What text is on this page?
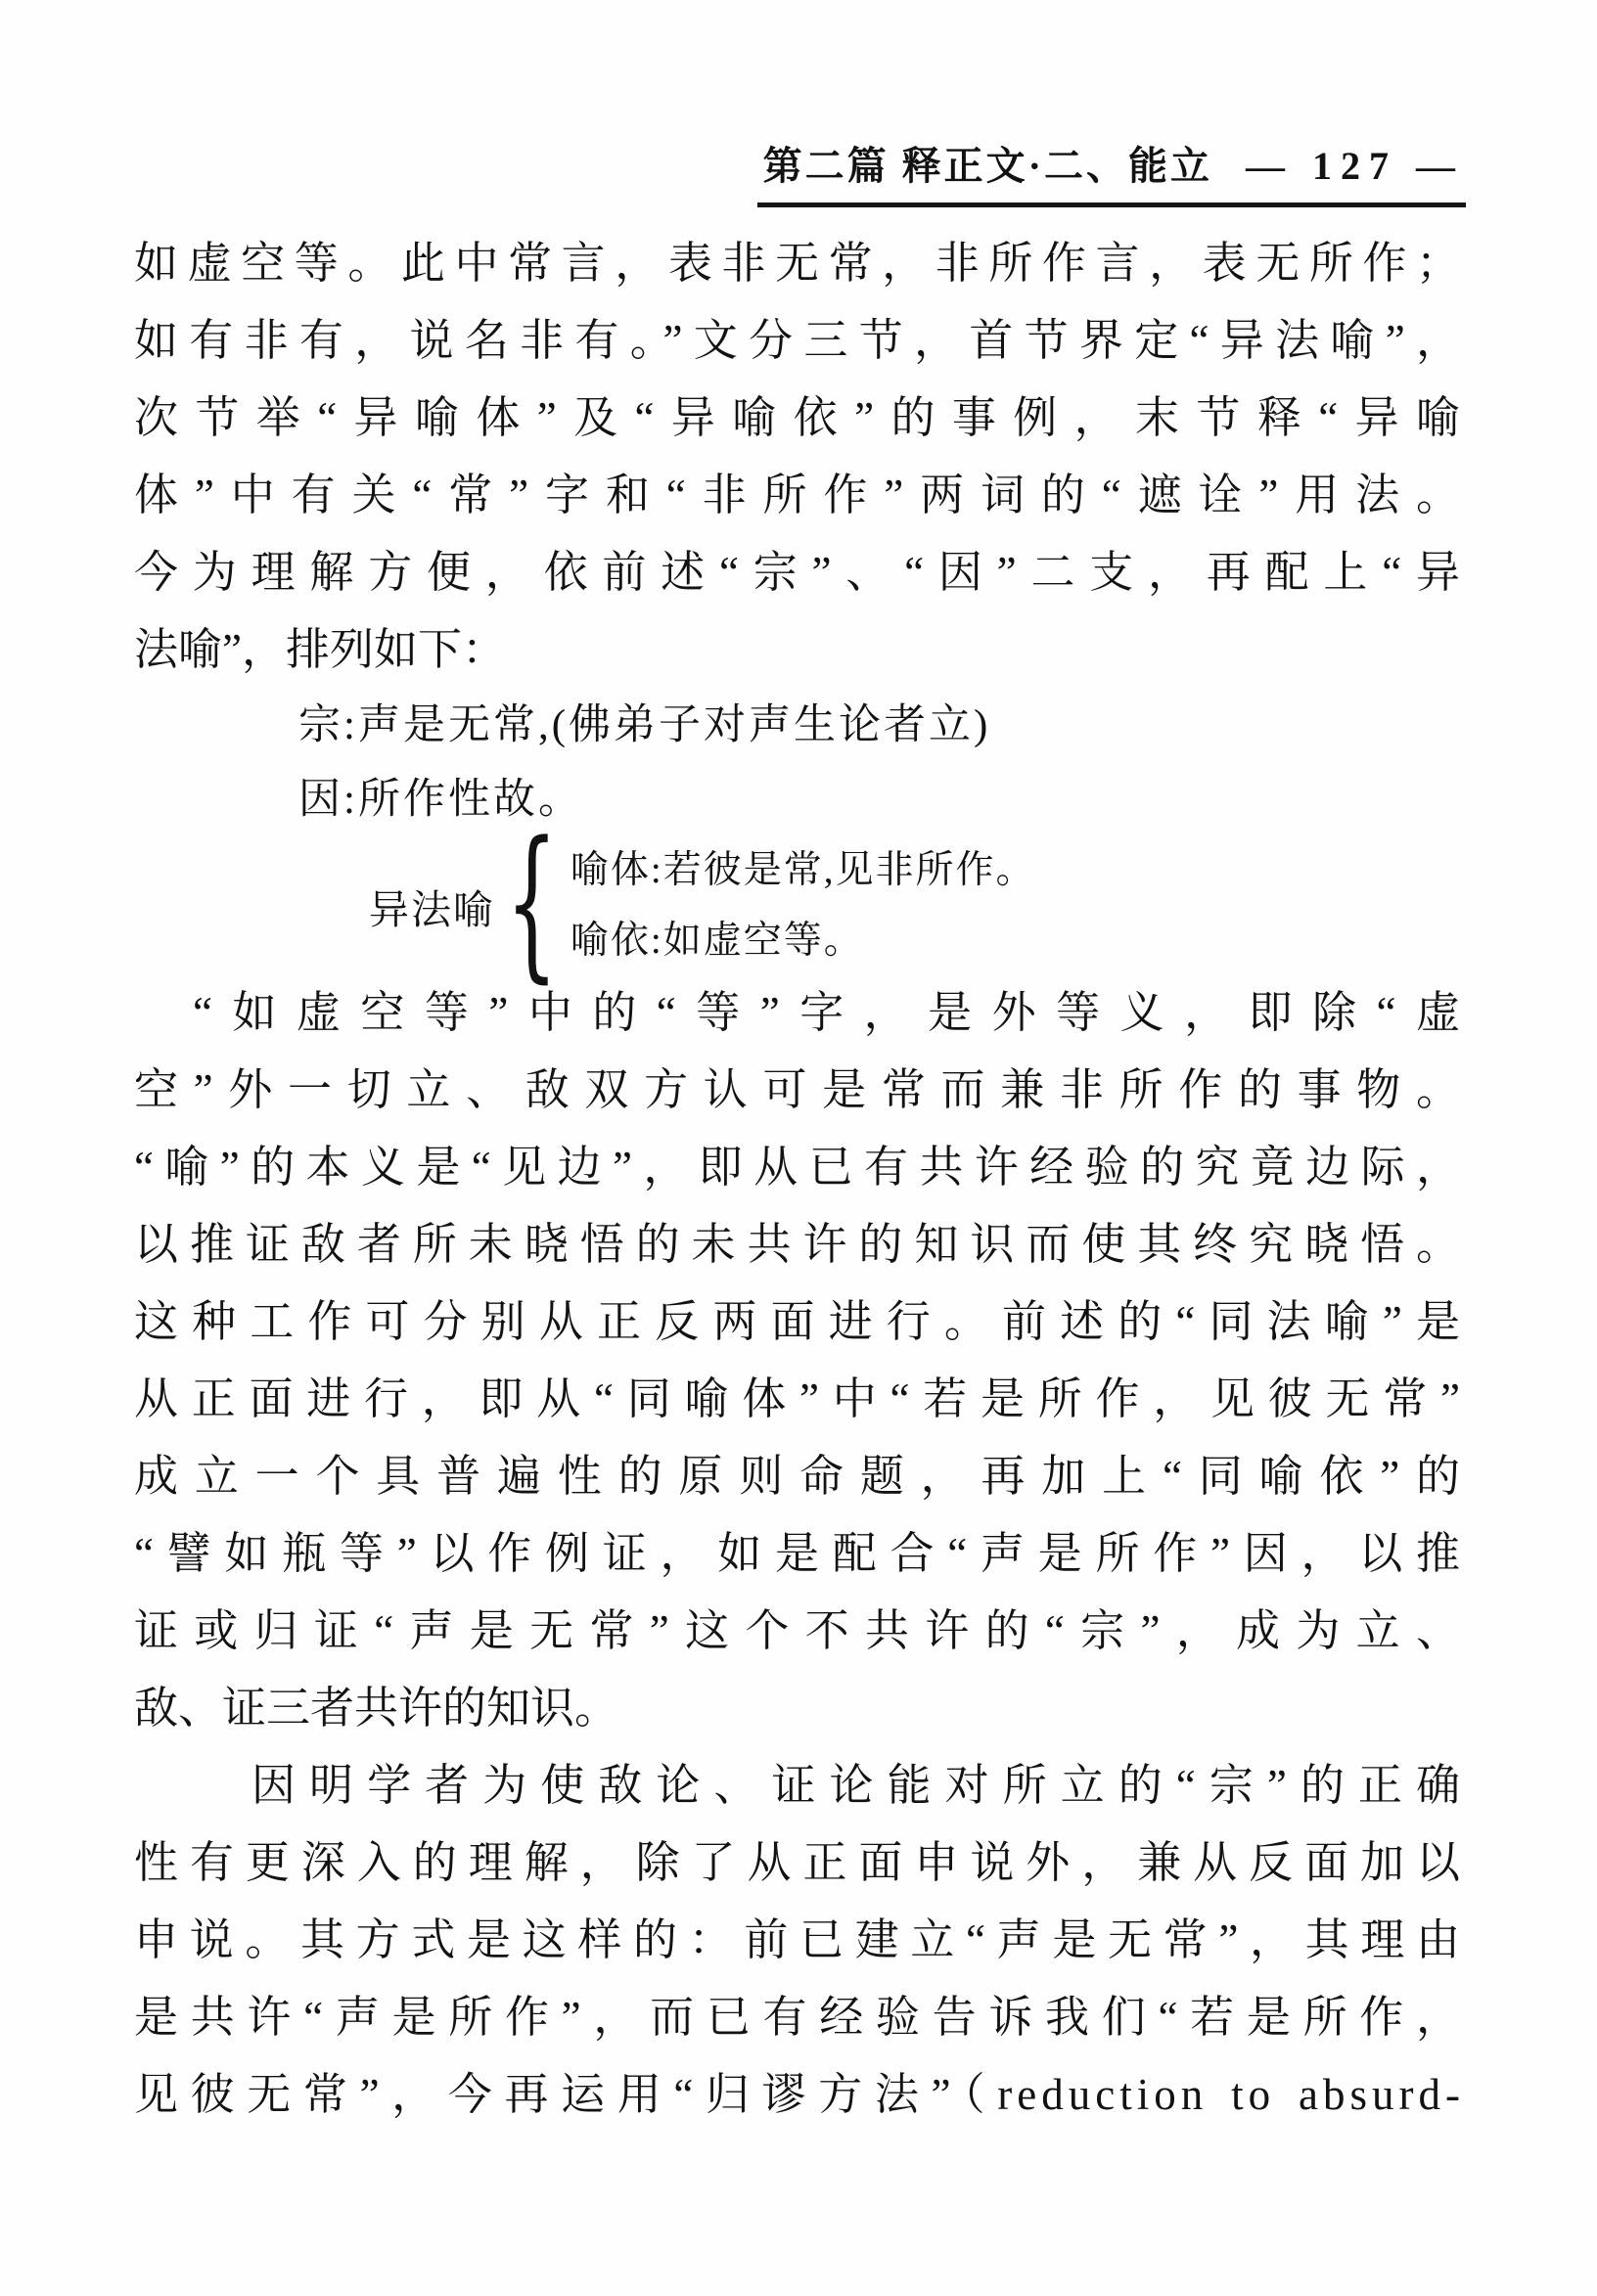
第二篇 释正文·二、能立 — 127 —
如虚空等。此中常言，表非无常，非所作言，表无所作；
如有非有，说名非有。”文分三节，首节界定“异法喻”，
次节举“异喻体”及“异喻依”的事例，末节释“异喻
体”中有关“常”字和“非所作”两词的“遮诠”用法。
今为理解方便，依前述“宗”、“因”二支，再配上“异
法喻”，排列如下：
宗:声是无常,(佛弟子对声生论者立)
因:所作性故。
异法喻 { 喻体:若彼是常,见非所作。
喻依:如虚空等。
“如虚空等”中的“等”字，是外等义，即除“虚
空”外一切立、敌双方认可是常而兼非所作的事物。
“喻”的本义是“见边”，即从已有共许经验的究竟边际，
以推证敌者所未晓悟的未共许的知识而使其终究晓悟。
这种工作可分别从正反两面进行。前述的“同法喻”是
从正面进行，即从“同喻体”中“若是所作，见彼无常”
成立一个具普遍性的原则命题，再加上“同喻依”的
“譬如瓶等”以作例证，如是配合“声是所作”因，以推
证或归证“声是无常”这个不共许的“宗”，成为立、
敌、证三者共许的知识。
因明学者为使敌论、证论能对所立的“宗”的正确
性有更深入的理解，除了从正面申说外，兼从反面加以
申说。其方式是这样的：前已建立“声是无常”，其理由
是共许“声是所作”，而已有经验告诉我们“若是所作，
见彼无常”，今再运用“归谬方法”（reduction to absurd-
